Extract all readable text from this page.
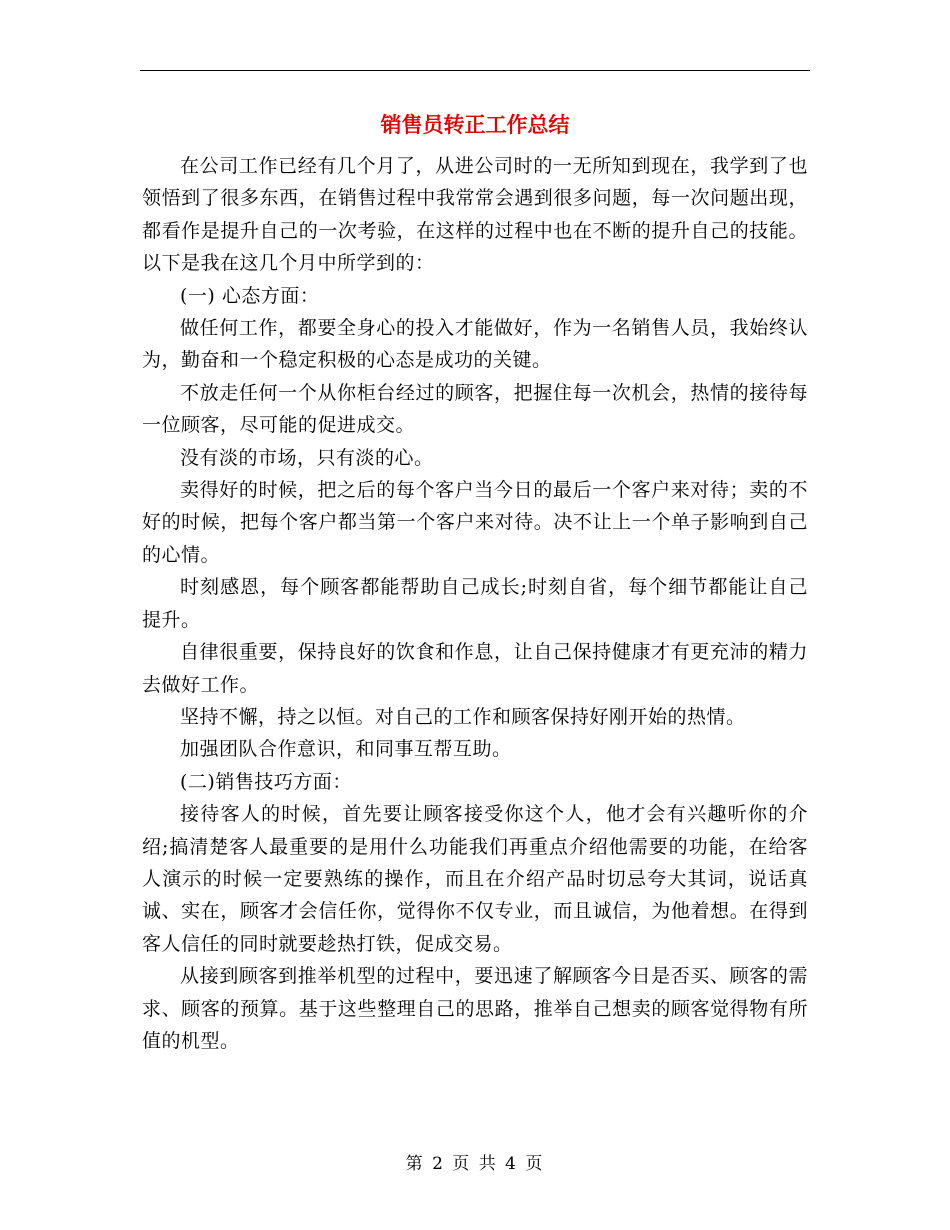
销售员转正工作总结

在公司工作已经有几个月了，从进公司时的一无所知到现在，我学到了也领悟到了很多东西，在销售过程中我常常会遇到很多问题，每一次问题出现，都看作是提升自己的一次考验，在这样的过程中也在不断的提升自己的技能。以下是我在这几个月中所学到的：

(一) 心态方面：

做任何工作，都要全身心的投入才能做好，作为一名销售人员，我始终认为，勤奋和一个稳定积极的心态是成功的关键。

不放走任何一个从你柜台经过的顾客，把握住每一次机会，热情的接待每一位顾客，尽可能的促进成交。

没有淡的市场，只有淡的心。

卖得好的时候，把之后的每个客户当今日的最后一个客户来对待；卖的不好的时候，把每个客户都当第一个客户来对待。决不让上一个单子影响到自己的心情。

时刻感恩，每个顾客都能帮助自己成长;时刻自省，每个细节都能让自己提升。

自律很重要，保持良好的饮食和作息，让自己保持健康才有更充沛的精力去做好工作。

坚持不懈，持之以恒。对自己的工作和顾客保持好刚开始的热情。

加强团队合作意识，和同事互帮互助。

(二)销售技巧方面：

接待客人的时候，首先要让顾客接受你这个人，他才会有兴趣听你的介绍;搞清楚客人最重要的是用什么功能我们再重点介绍他需要的功能，在给客人演示的时候一定要熟练的操作，而且在介绍产品时切忌夸大其词，说话真诚、实在，顾客才会信任你，觉得你不仅专业，而且诚信，为他着想。在得到客人信任的同时就要趁热打铁，促成交易。

从接到顾客到推举机型的过程中，要迅速了解顾客今日是否买、顾客的需求、顾客的预算。基于这些整理自己的思路，推举自己想卖的顾客觉得物有所值的机型。

第 2 页 共 4 页
